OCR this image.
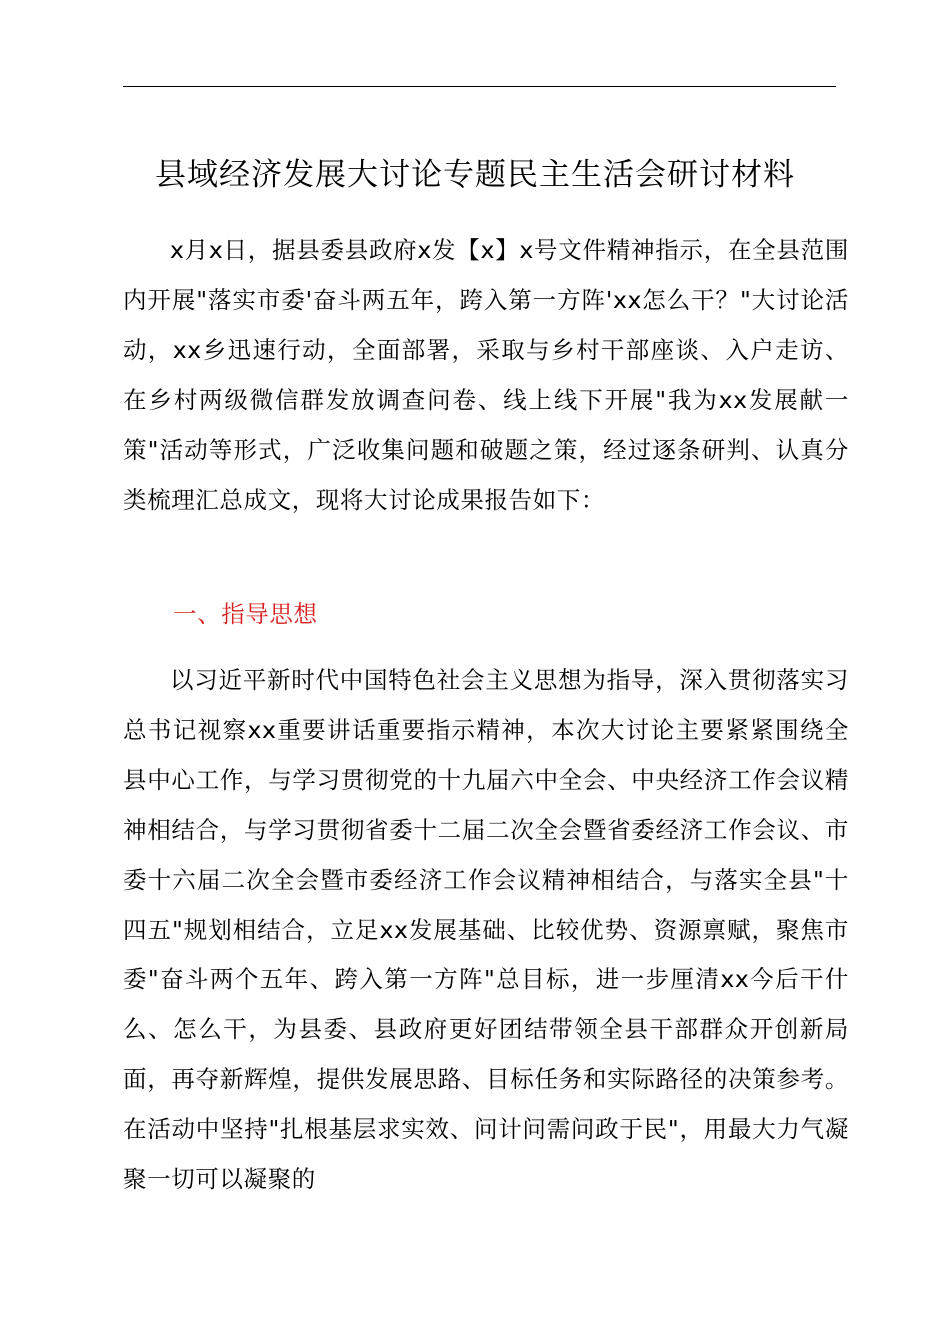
县域经济发展大讨论专题民主生活会研讨材料

x月x日，据县委县政府x发【x】x号文件精神指示，在全县范围内开展"落实市委'奋斗两五年，跨入第一方阵'xx怎么干？"大讨论活动，xx乡迅速行动，全面部署，采取与乡村干部座谈、入户走访、在乡村两级微信群发放调查问卷、线上线下开展"我为xx发展献一策"活动等形式，广泛收集问题和破题之策，经过逐条研判、认真分类梳理汇总成文，现将大讨论成果报告如下：

一、指导思想

以习近平新时代中国特色社会主义思想为指导，深入贯彻落实习总书记视察xx重要讲话重要指示精神，本次大讨论主要紧紧围绕全县中心工作，与学习贯彻党的十九届六中全会、中央经济工作会议精神相结合，与学习贯彻省委十二届二次全会暨省委经济工作会议、市委十六届二次全会暨市委经济工作会议精神相结合，与落实全县"十四五"规划相结合，立足xx发展基础、比较优势、资源禀赋，聚焦市委"奋斗两个五年、跨入第一方阵"总目标，进一步厘清xx今后干什么、怎么干，为县委、县政府更好团结带领全县干部群众开创新局面，再夺新辉煌，提供发展思路、目标任务和实际路径的决策参考。在活动中坚持"扎根基层求实效、问计问需问政于民"，用最大力气凝聚一切可以凝聚的
